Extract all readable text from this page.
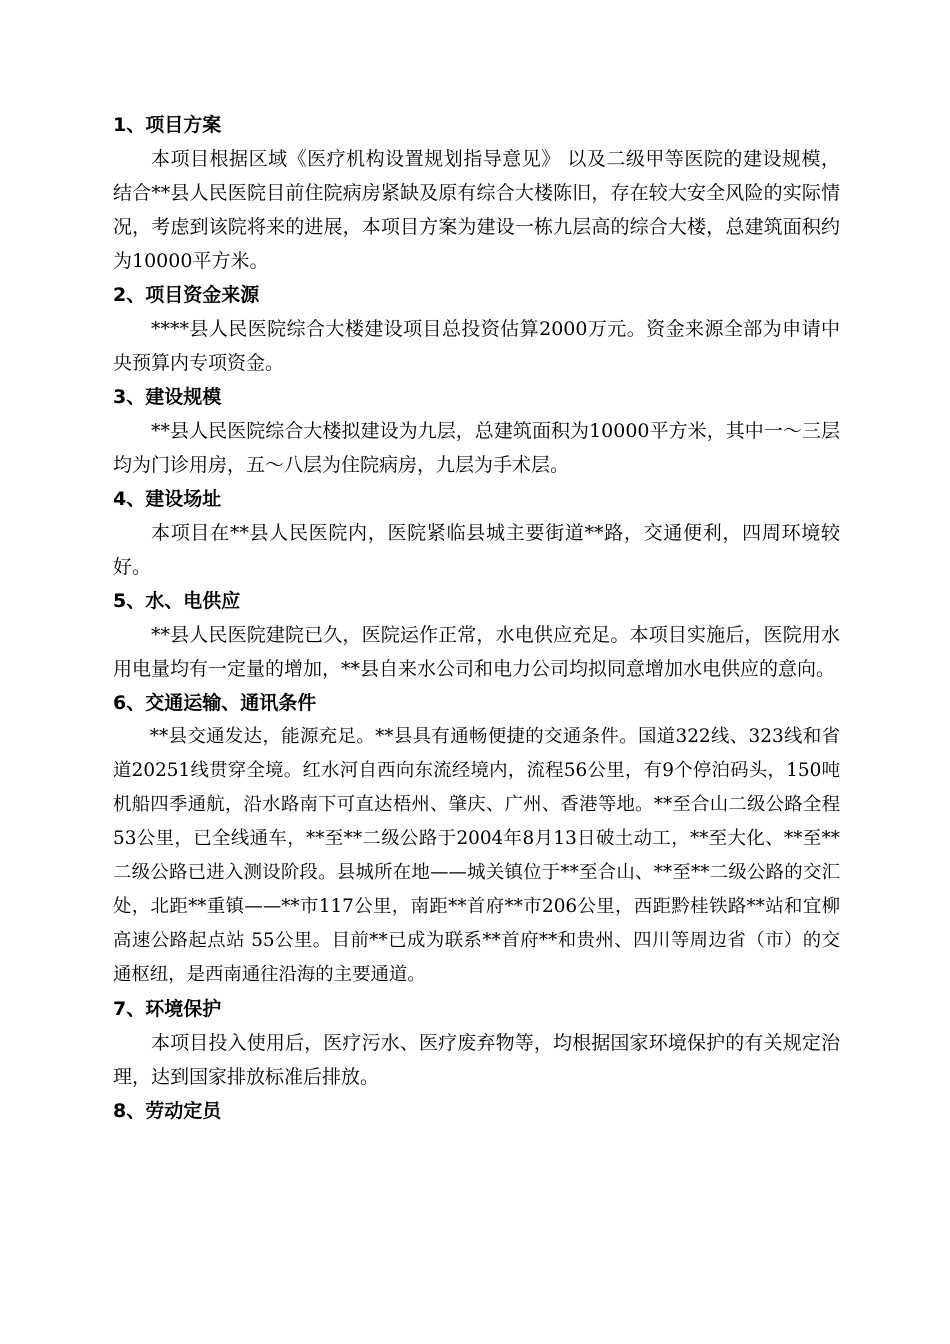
1、项目方案

本项目根据区域《医疗机构设置规划指导意见》 以及二级甲等医院的建设规模，结合**县人民医院目前住院病房紧缺及原有综合大楼陈旧，存在较大安全风险的实际情况，考虑到该院将来的进展，本项目方案为建设一栋九层高的综合大楼，总建筑面积约为10000平方米。

2、项目资金来源

****县人民医院综合大楼建设项目总投资估算2000万元。资金来源全部为申请中央预算内专项资金。

3、建设规模

**县人民医院综合大楼拟建设为九层，总建筑面积为10000平方米，其中一～三层均为门诊用房，五～八层为住院病房，九层为手术层。

4、建设场址

本项目在**县人民医院内，医院紧临县城主要街道**路，交通便利，四周环境较好。

5、水、电供应

**县人民医院建院已久，医院运作正常，水电供应充足。本项目实施后，医院用水用电量均有一定量的增加，**县自来水公司和电力公司均拟同意增加水电供应的意向。

6、交通运输、通讯条件

**县交通发达，能源充足。**县具有通畅便捷的交通条件。国道322线、323线和省道20251线贯穿全境。红水河自西向东流经境内，流程56公里，有9个停泊码头，150吨机船四季通航，沿水路南下可直达梧州、肇庆、广州、香港等地。**至合山二级公路全程53公里，已全线通车，**至**二级公路于2004年8月13日破土动工，**至大化、**至**二级公路已进入测设阶段。县城所在地——城关镇位于**至合山、**至**二级公路的交汇处，北距**重镇——**市117公里，南距**首府**市206公里，西距黔桂铁路**站和宜柳高速公路起点站 55公里。目前**已成为联系**首府**和贵州、四川等周边省（市）的交通枢纽，是西南通往沿海的主要通道。

7、环境保护

本项目投入使用后，医疗污水、医疗废弃物等，均根据国家环境保护的有关规定治理，达到国家排放标准后排放。

8、劳动定员
